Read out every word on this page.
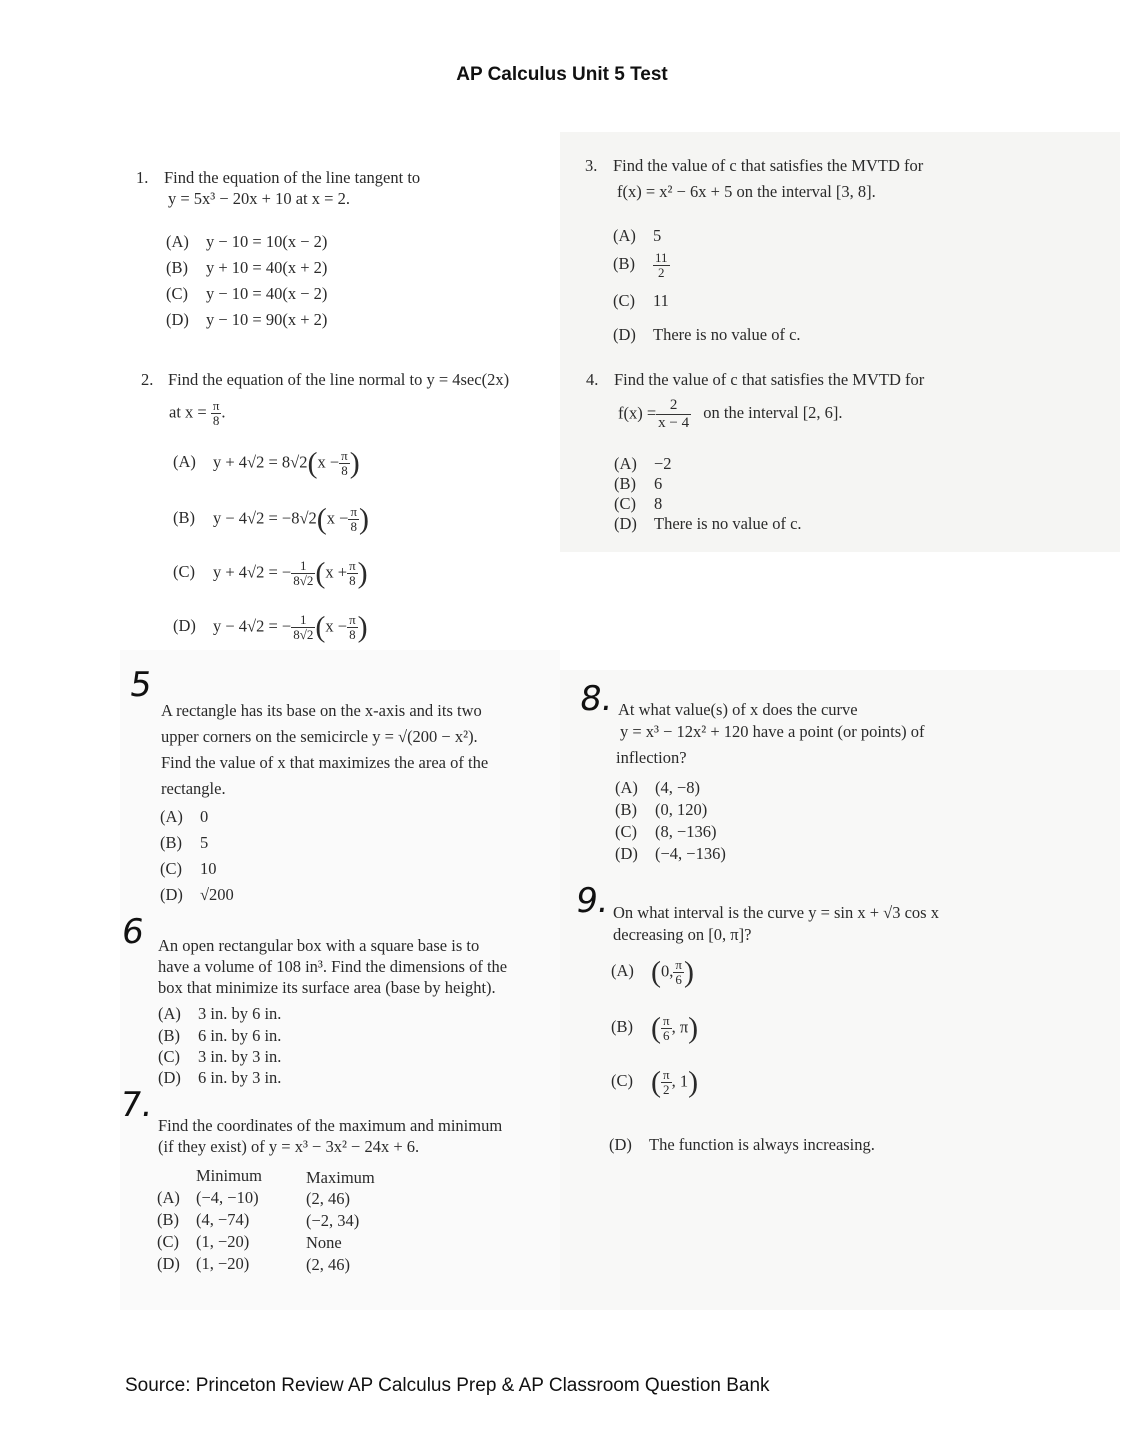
AP Calculus Unit 5 Test
1. Find the equation of the line tangent to
y = 5x³ − 20x + 10 at x = 2.
(A) y − 10 = 10(x − 2)
(B) y + 10 = 40(x + 2)
(C) y − 10 = 40(x − 2)
(D) y − 10 = 90(x + 2)
2. Find the equation of the line normal to y = 4sec(2x)
at $x = \frac{\pi}{8}$ .
(A) $y + 4√2 = 8√2(x - \frac{\pi}{8}$ )
(B) $y - 4√2 = -8√2(x - \frac{\pi}{8}$ )
(C) y + 4√2 = − $\frac{1}{8√2} (x + \frac{\pi}{8}$ )
(D) y − 4√2 = − $\frac{1}{8√2} (x - \frac{\pi}{8}$ )
3. Find the value of c that satisfies the MVTD for
f(x) = x² − 6x + 5 on the interval [3, 8].
(A) 5
$(B) \frac{11}{2}$
(C) 11
(D) There is no value of c.
4. Find the value of c that satisfies the MVTD for
$f(x) = \frac{2}{x - 4}$ on the interval [2, 6].
(A) −2
(B) 6
(C) 8
(D) There is no value of c.
5
A rectangle has its base on the x-axis and its two
upper corners on the semicircle y = √(200 − x²).
Find the value of x that maximizes the area of the
rectangle.
(A) 0
(B) 5
(C) 10
(D) √200
6 An open rectangular box with a square base is to
have a volume of 108 in³. Find the dimensions of the
box that minimize its surface area (base by height).
(A) 3 in. by 6 in.
(B) 6 in. by 6 in.
(C) 3 in. by 3 in.
(D) 6 in. by 3 in.
7.
Find the coordinates of the maximum and minimum
(if they exist) of y = x³ − 3x² − 24x + 6.
Minimum	Maximum
(A) (−4, −10)	(2, 46)
(B) (4, −74)	(−2, 34)
(C) (1, −20)	None
(D) (1, −20)	(2, 46)
8. At what value(s) of x does the curve
y = x³ − 12x² + 120 have a point (or points) of
inflection?
(A) (4, −8)
(B) (0, 120)
(C) (8, −136)
(D) (−4, −136)
9. On what interval is the curve y = sin x + √3 cos x
decreasing on [0, π]?
(A) (0, $\frac{\pi}{6}$ )
(B) ( $\frac{\pi}{6}$ , π)
(C) ( $\frac{\pi}{2}$ , 1)
(D) The function is always increasing.
Source: Princeton Review AP Calculus Prep & AP Classroom Question Bank
